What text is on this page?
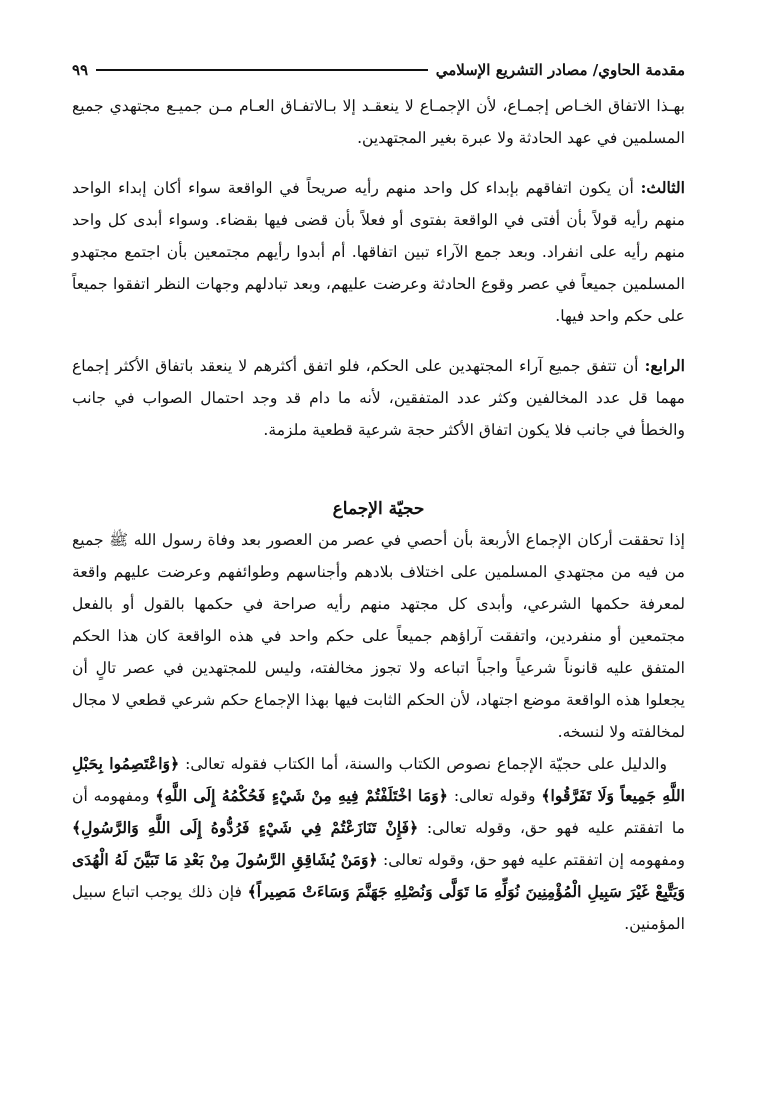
مقدمة الحاوي/ مصادر التشريع الإسلامي
٩٩

بهـذا الاتفاق الخـاص إجمـاع، لأن الإجمـاع لا ينعقـد إلا بـالاتفـاق العـام مـن جميـع مجتهدي جميع المسلمين في عهد الحادثة ولا عبرة بغير المجتهدين.

الثالث: أن يكون اتفاقهم بإبداء كل واحد منهم رأيه صريحاً في الواقعة سواء أكان إبداء الواحد منهم رأيه قولاً بأن أفتى في الواقعة بفتوى أو فعلاً بأن قضى فيها بقضاء. وسواء أبدى كل واحد منهم رأيه على انفراد. وبعد جمع الآراء تبين اتفاقها. أم أبدوا رأيهم مجتمعين بأن اجتمع مجتهدو المسلمين جميعاً في عصر وقوع الحادثة وعرضت عليهم، وبعد تبادلهم وجهات النظر اتفقوا جميعاً على حكم واحد فيها.

الرابع: أن تتفق جميع آراء المجتهدين على الحكم، فلو اتفق أكثرهم لا ينعقد باتفاق الأكثر إجماع مهما قل عدد المخالفين وكثر عدد المتفقين، لأنه ما دام قد وجد احتمال الصواب في جانب والخطأ في جانب فلا يكون اتفاق الأكثر حجة شرعية قطعية ملزمة.

حجيّة الإجماع

إذا تحققت أركان الإجماع الأربعة بأن أحصي في عصر من العصور بعد وفاة رسول الله ﷺ جميع من فيه من مجتهدي المسلمين على اختلاف بلادهم وأجناسهم وطوائفهم وعرضت عليهم واقعة لمعرفة حكمها الشرعي، وأبدى كل مجتهد منهم رأيه صراحة في حكمها بالقول أو بالفعل مجتمعين أو منفردين، واتفقت آراؤهم جميعاً على حكم واحد في هذه الواقعة كان هذا الحكم المتفق عليه قانوناً شرعياً واجباً اتباعه ولا تجوز مخالفته، وليس للمجتهدين في عصر تالٍ أن يجعلوا هذه الواقعة موضع اجتهاد، لأن الحكم الثابت فيها بهذا الإجماع حكم شرعي قطعي لا مجال لمخالفته ولا لنسخه.

والدليل على حجيّة الإجماع نصوص الكتاب والسنة، أما الكتاب فقوله تعالى: ﴿وَاعْتَصِمُوا بِحَبْلِ اللَّهِ جَمِيعاً وَلَا تَفَرَّقُوا﴾ وقوله تعالى: ﴿وَمَا اخْتَلَفْتُمْ فِيهِ مِنْ شَيْءٍ فَحُكْمُهُ إِلَى اللَّهِ﴾ ومفهومه أن ما اتفقتم عليه فهو حق، وقوله تعالى: ﴿فَإِنْ تَنَازَعْتُمْ فِي شَيْءٍ فَرُدُّوهُ إِلَى اللَّهِ وَالرَّسُولِ﴾ ومفهومه إن اتفقتم عليه فهو حق، وقوله تعالى: ﴿وَمَنْ يُشَاقِقِ الرَّسُولَ مِنْ بَعْدِ مَا تَبَيَّنَ لَهُ الْهُدَى وَيَتَّبِعْ غَيْرَ سَبِيلِ الْمُؤْمِنِينَ نُوَلِّهِ مَا تَوَلَّى وَنُصْلِهِ جَهَنَّمَ وَسَاءَتْ مَصِيراً﴾ فإن ذلك يوجب اتباع سبيل المؤمنين.
